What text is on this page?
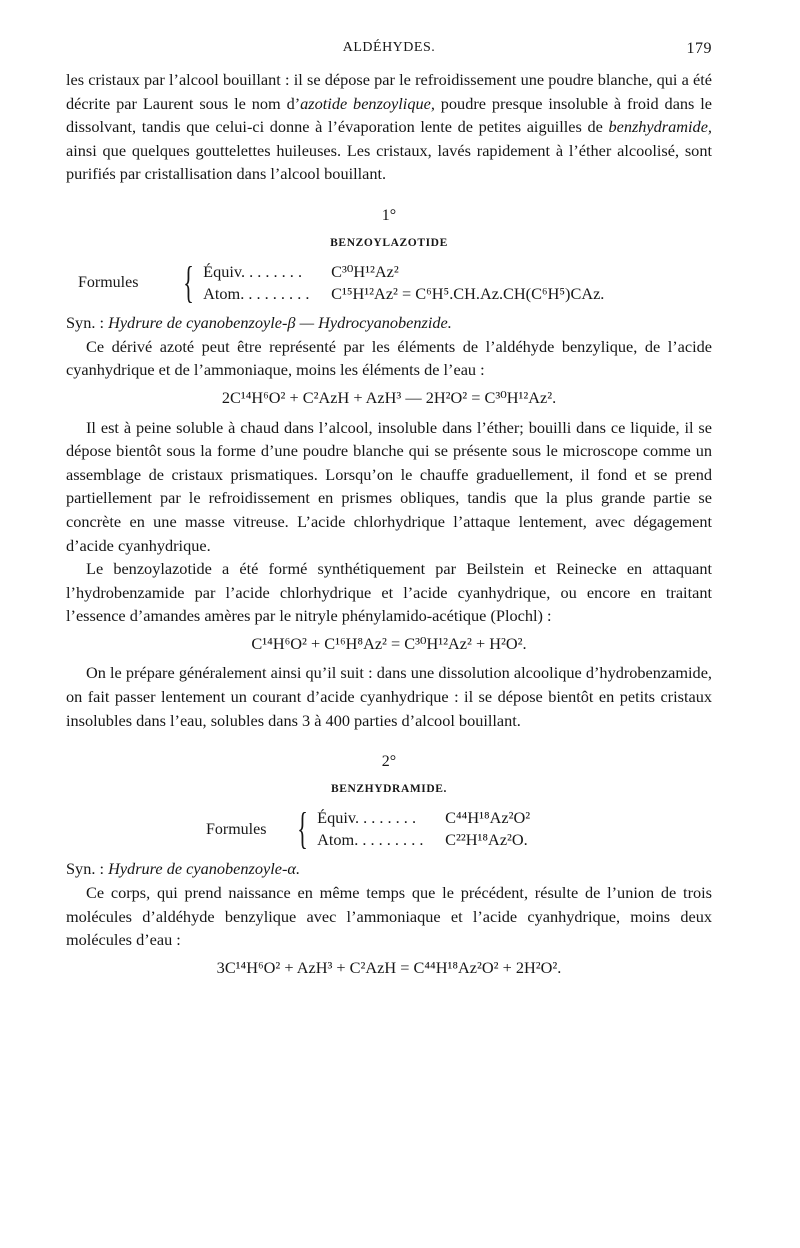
ALDÉHYDES.	179

les cristaux par l’alcool bouillant : il se dépose par le refroidissement une poudre blanche, qui a été décrite par Laurent sous le nom d’azotide benzoylique, poudre presque insoluble à froid dans le dissolvant, tandis que celui-ci donne à l’évaporation lente de petites aiguilles de benzhydramide, ainsi que quelques gouttelettes huileuses. Les cristaux, lavés rapidement à l’éther alcoolisé, sont purifiés par cristallisation dans l’alcool bouillant.

1°
BENZOYLAZOTIDE
Formules	{ Équiv. . . . . . . .	C³⁰H¹²Az²
Atom. . . . . . . . .	C¹⁵H¹²Az² = C⁶H⁵.CH.Az.CH(C⁶H⁵)CAz.

Syn. : Hydrure de cyanobenzoyle-β — Hydrocyanobenzide.

Ce dérivé azoté peut être représenté par les éléments de l’aldéhyde benzylique, de l’acide cyanhydrique et de l’ammoniaque, moins les éléments de l’eau :

2C¹⁴H⁶O² + C²AzH + AzH³ — 2H²O² = C³⁰H¹²Az².

Il est à peine soluble à chaud dans l’alcool, insoluble dans l’éther; bouilli dans ce liquide, il se dépose bientôt sous la forme d’une poudre blanche qui se présente sous le microscope comme un assemblage de cristaux prismatiques. Lorsqu’on le chauffe graduellement, il fond et se prend partiellement par le refroidissement en prismes obliques, tandis que la plus grande partie se concrète en une masse vitreuse. L’acide chlorhydrique l’attaque lentement, avec dégagement d’acide cyanhydrique.

Le benzoylazotide a été formé synthétiquement par Beilstein et Reinecke en attaquant l’hydrobenzamide par l’acide chlorhydrique et l’acide cyanhydrique, ou encore en traitant l’essence d’amandes amères par le nitryle phénylamido-acétique (Plochl) :

C¹⁴H⁶O² + C¹⁶H⁸Az² = C³⁰H¹²Az² + H²O².

On le prépare généralement ainsi qu’il suit : dans une dissolution alcoolique d’hydrobenzamide, on fait passer lentement un courant d’acide cyanhydrique : il se dépose bientôt en petits cristaux insolubles dans l’eau, solubles dans 3 à 400 parties d’alcool bouillant.

2°
BENZHYDRAMIDE.
Formules { Équiv. . . . . . . .	C⁴⁴H¹⁸Az²O²
Atom. . . . . . . . .	C²²H¹⁸Az²O.

Syn. : Hydrure de cyanobenzoyle-α.

Ce corps, qui prend naissance en même temps que le précédent, résulte de l’union de trois molécules d’aldéhyde benzylique avec l’ammoniaque et l’acide cyanhydrique, moins deux molécules d’eau :

3C¹⁴H⁶O² + AzH³ + C²AzH = C⁴⁴H¹⁸Az²O² + 2H²O².
